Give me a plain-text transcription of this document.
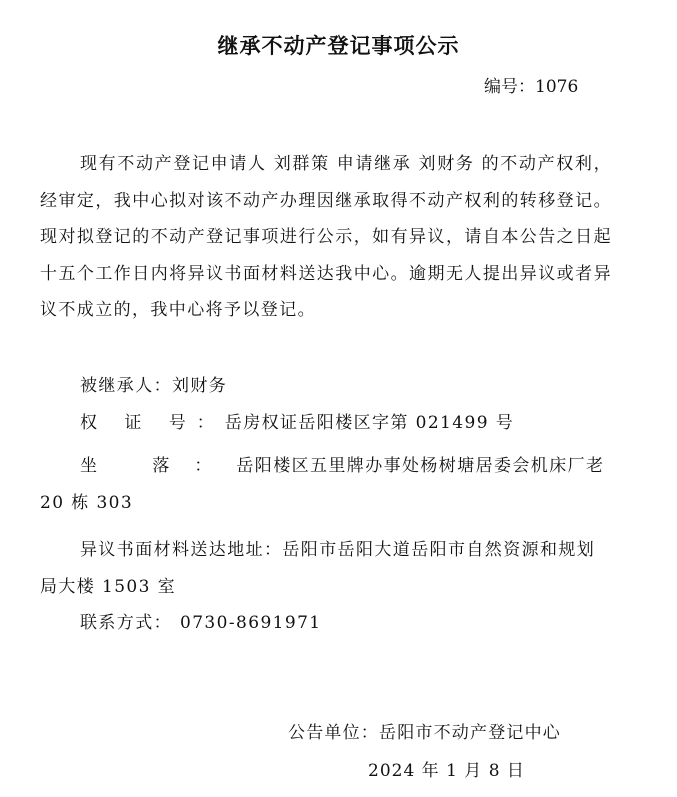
继承不动产登记事项公示
编号：1076
现有不动产登记申请人 刘群策 申请继承 刘财务 的不动产权利，经审定，我中心拟对该不动产办理因继承取得不动产权利的转移登记。现对拟登记的不动产登记事项进行公示，如有异议，请自本公告之日起十五个工作日内将异议书面材料送达我中心。逾期无人提出异议或者异议不成立的，我中心将予以登记。
被继承人：刘财务
权 证 号：岳房权证岳阳楼区字第 021499 号
坐 落：岳阳楼区五里牌办事处杨树塘居委会机床厂老20 栋 303
异议书面材料送达地址：岳阳市岳阳大道岳阳市自然资源和规划局大楼 1503 室
联系方式： 0730-8691971
公告单位：岳阳市不动产登记中心
2024 年 1 月 8 日
